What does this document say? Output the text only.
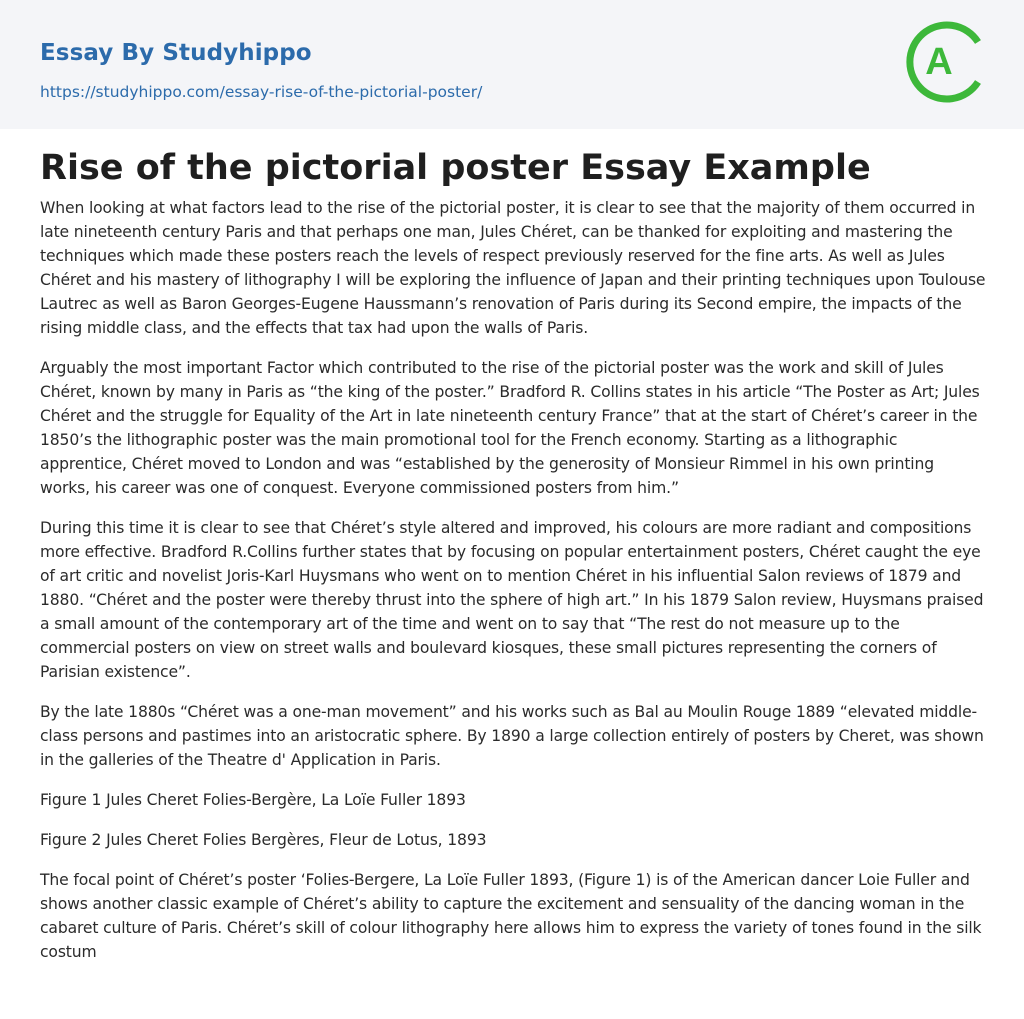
Essay By Studyhippo
https://studyhippo.com/essay-rise-of-the-pictorial-poster/
A
Rise of the pictorial poster Essay Example

When looking at what factors lead to the rise of the pictorial poster, it is clear to see that the majority of them occurred in late nineteenth century Paris and that perhaps one man, Jules Chéret, can be thanked for exploiting and mastering the techniques which made these posters reach the levels of respect previously reserved for the fine arts. As well as Jules Chéret and his mastery of lithography I will be exploring the influence of Japan and their printing techniques upon Toulouse Lautrec as well as Baron Georges-Eugene Haussmann’s renovation of Paris during its Second empire, the impacts of the rising middle class, and the effects that tax had upon the walls of Paris.

Arguably the most important Factor which contributed to the rise of the pictorial poster was the work and skill of Jules Chéret, known by many in Paris as “the king of the poster.” Bradford R. Collins states in his article “The Poster as Art; Jules Chéret and the struggle for Equality of the Art in late nineteenth century France” that at the start of Chéret’s career in the 1850’s the lithographic poster was the main promotional tool for the French economy. Starting as a lithographic apprentice, Chéret moved to London and was “established by the generosity of Monsieur Rimmel in his own printing works, his career was one of conquest. Everyone commissioned posters from him.”

During this time it is clear to see that Chéret’s style altered and improved, his colours are more radiant and compositions more effective. Bradford R.Collins further states that by focusing on popular entertainment posters, Chéret caught the eye of art critic and novelist Joris-Karl Huysmans who went on to mention Chéret in his influential Salon reviews of 1879 and 1880. “Chéret and the poster were thereby thrust into the sphere of high art.” In his 1879 Salon review, Huysmans praised a small amount of the contemporary art of the time and went on to say that “The rest do not measure up to the commercial posters on view on street walls and boulevard kiosques, these small pictures representing the corners of Parisian existence”.

By the late 1880s “Chéret was a one-man movement” and his works such as Bal au Moulin Rouge 1889 “elevated middle-class persons and pastimes into an aristocratic sphere. By 1890 a large collection entirely of posters by Cheret, was shown in the galleries of the Theatre d' Application in Paris.

Figure 1 Jules Cheret Folies-Bergère, La Loïe Fuller 1893

Figure 2 Jules Cheret Folies Bergères, Fleur de Lotus, 1893

The focal point of Chéret’s poster ‘Folies-Bergere, La Loïe Fuller 1893, (Figure 1) is of the American dancer Loie Fuller and shows another classic example of Chéret’s ability to capture the excitement and sensuality of the dancing woman in the cabaret culture of Paris. Chéret’s skill of colour lithography here allows him to express the variety of tones found in the silk costum
